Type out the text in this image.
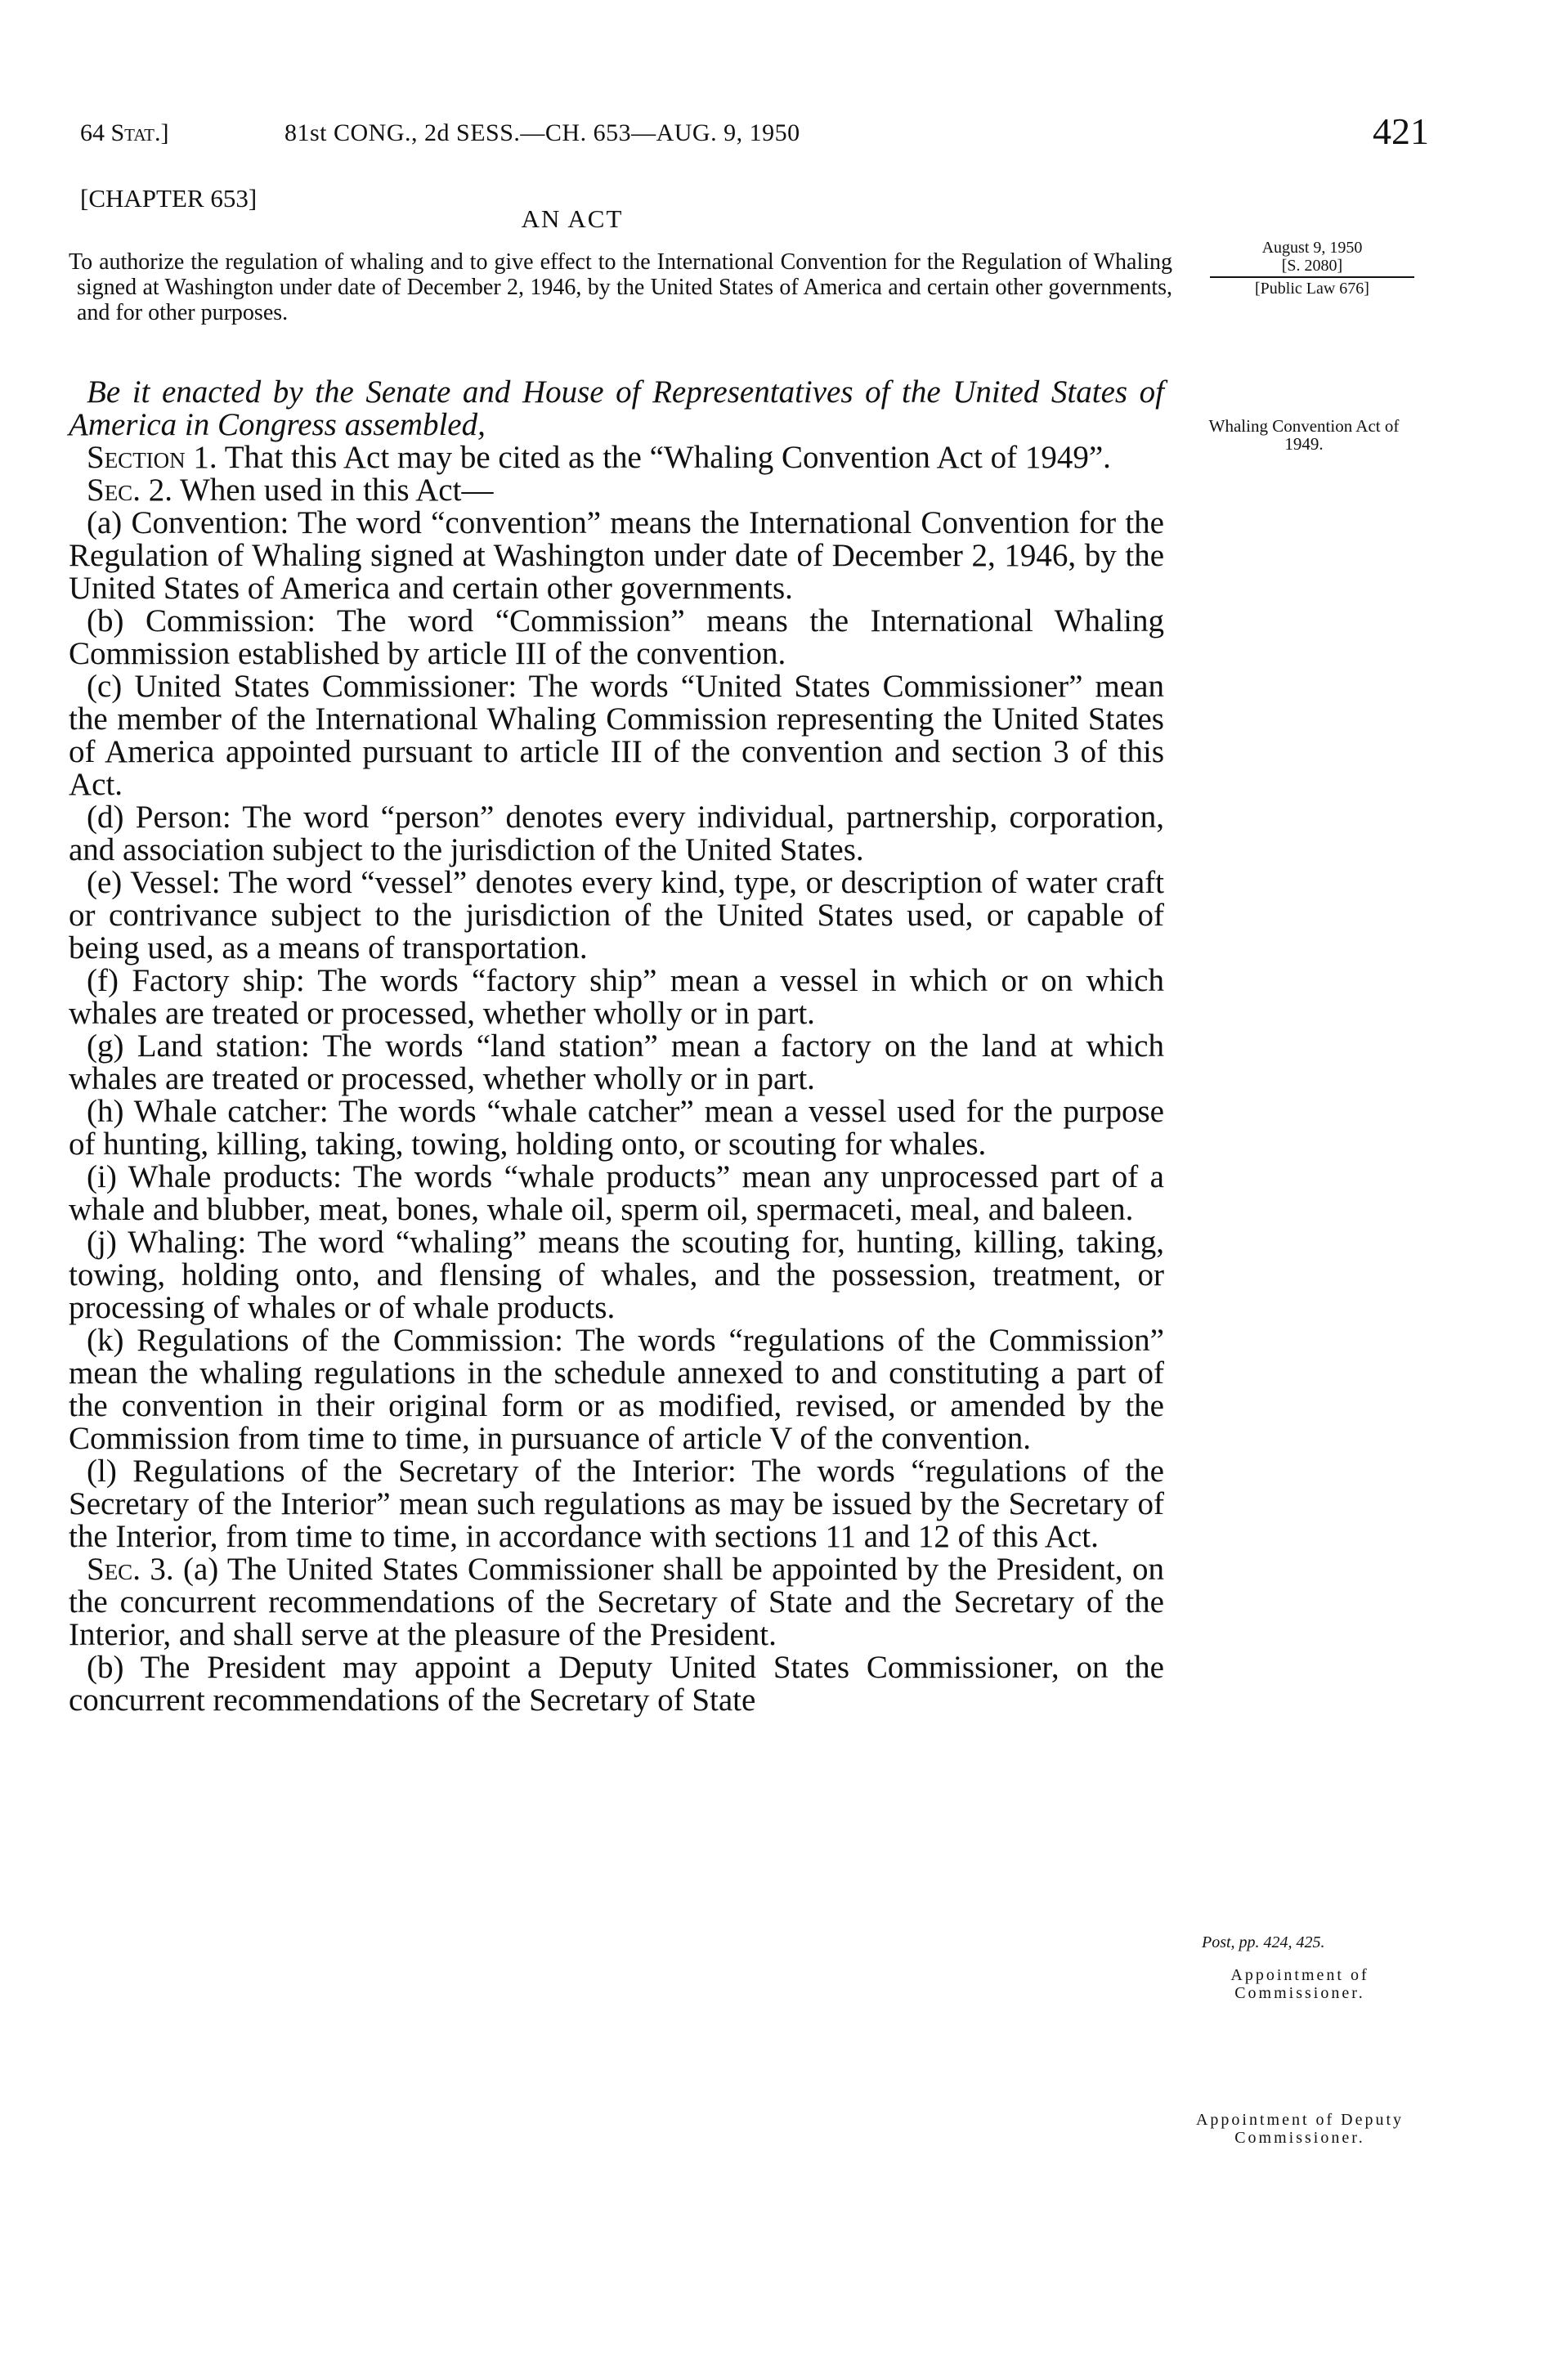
64 Stat.]	81st CONG., 2d SESS.—CH. 653—AUG. 9, 1950	421
[CHAPTER 653]
AN ACT
To authorize the regulation of whaling and to give effect to the International Convention for the Regulation of Whaling signed at Washington under date of December 2, 1946, by the United States of America and certain other governments, and for other purposes.
August 9, 1950
[S. 2080]
[Public Law 676]
Whaling Convention Act of 1949.
Post, pp. 424, 425.
Appointment of Commissioner.
Appointment of Deputy Commissioner.

Be it enacted by the Senate and House of Representatives of the United States of America in Congress assembled,

Section 1. That this Act may be cited as the “Whaling Convention Act of 1949”.

Sec. 2. When used in this Act—

(a) Convention: The word “convention” means the International Convention for the Regulation of Whaling signed at Washington under date of December 2, 1946, by the United States of America and certain other governments.

(b) Commission: The word “Commission” means the International Whaling Commission established by article III of the convention.

(c) United States Commissioner: The words “United States Commissioner” mean the member of the International Whaling Commission representing the United States of America appointed pursuant to article III of the convention and section 3 of this Act.

(d) Person: The word “person” denotes every individual, partnership, corporation, and association subject to the jurisdiction of the United States.

(e) Vessel: The word “vessel” denotes every kind, type, or description of water craft or contrivance subject to the jurisdiction of the United States used, or capable of being used, as a means of transportation.

(f) Factory ship: The words “factory ship” mean a vessel in which or on which whales are treated or processed, whether wholly or in part.

(g) Land station: The words “land station” mean a factory on the land at which whales are treated or processed, whether wholly or in part.

(h) Whale catcher: The words “whale catcher” mean a vessel used for the purpose of hunting, killing, taking, towing, holding onto, or scouting for whales.

(i) Whale products: The words “whale products” mean any unprocessed part of a whale and blubber, meat, bones, whale oil, sperm oil, spermaceti, meal, and baleen.

(j) Whaling: The word “whaling” means the scouting for, hunting, killing, taking, towing, holding onto, and flensing of whales, and the possession, treatment, or processing of whales or of whale products.

(k) Regulations of the Commission: The words “regulations of the Commission” mean the whaling regulations in the schedule annexed to and constituting a part of the convention in their original form or as modified, revised, or amended by the Commission from time to time, in pursuance of article V of the convention.

(l) Regulations of the Secretary of the Interior: The words “regulations of the Secretary of the Interior” mean such regulations as may be issued by the Secretary of the Interior, from time to time, in accordance with sections 11 and 12 of this Act.

Sec. 3. (a) The United States Commissioner shall be appointed by the President, on the concurrent recommendations of the Secretary of State and the Secretary of the Interior, and shall serve at the pleasure of the President.

(b) The President may appoint a Deputy United States Commissioner, on the concurrent recommendations of the Secretary of State
